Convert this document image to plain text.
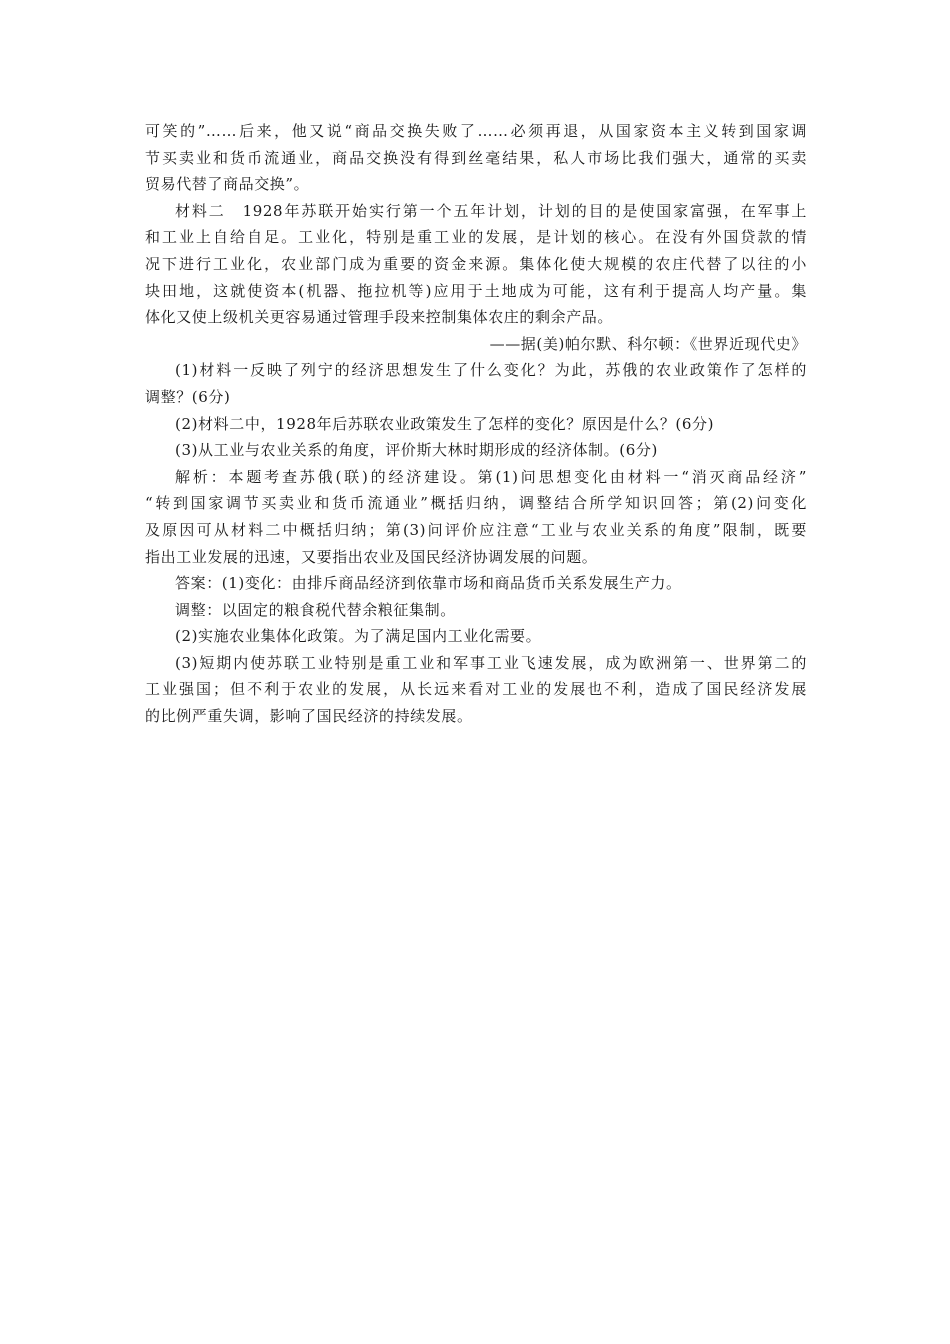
可笑的”……后来，他又说“商品交换失败了……必须再退，从国家资本主义转到国家调
节买卖业和货币流通业，商品交换没有得到丝毫结果，私人市场比我们强大，通常的买卖
贸易代替了商品交换”。
材料二　1928年苏联开始实行第一个五年计划，计划的目的是使国家富强，在军事上
和工业上自给自足。工业化，特别是重工业的发展，是计划的核心。在没有外国贷款的情
况下进行工业化，农业部门成为重要的资金来源。集体化使大规模的农庄代替了以往的小
块田地，这就使资本(机器、拖拉机等)应用于土地成为可能，这有利于提高人均产量。集
体化又使上级机关更容易通过管理手段来控制集体农庄的剩余产品。
——据(美)帕尔默、科尔顿：《世界近现代史》
(1)材料一反映了列宁的经济思想发生了什么变化？为此，苏俄的农业政策作了怎样的
调整？(6分)
(2)材料二中，1928年后苏联农业政策发生了怎样的变化？原因是什么？(6分)
(3)从工业与农业关系的角度，评价斯大林时期形成的经济体制。(6分)
解析：本题考查苏俄(联)的经济建设。第(1)问思想变化由材料一“消灭商品经济”
“转到国家调节买卖业和货币流通业”概括归纳，调整结合所学知识回答；第(2)问变化
及原因可从材料二中概括归纳；第(3)问评价应注意“工业与农业关系的角度”限制，既要
指出工业发展的迅速，又要指出农业及国民经济协调发展的问题。
答案：(1)变化：由排斥商品经济到依靠市场和商品货币关系发展生产力。
调整：以固定的粮食税代替余粮征集制。
(2)实施农业集体化政策。为了满足国内工业化需要。
(3)短期内使苏联工业特别是重工业和军事工业飞速发展，成为欧洲第一、世界第二的
工业强国；但不利于农业的发展，从长远来看对工业的发展也不利，造成了国民经济发展
的比例严重失调，影响了国民经济的持续发展。
